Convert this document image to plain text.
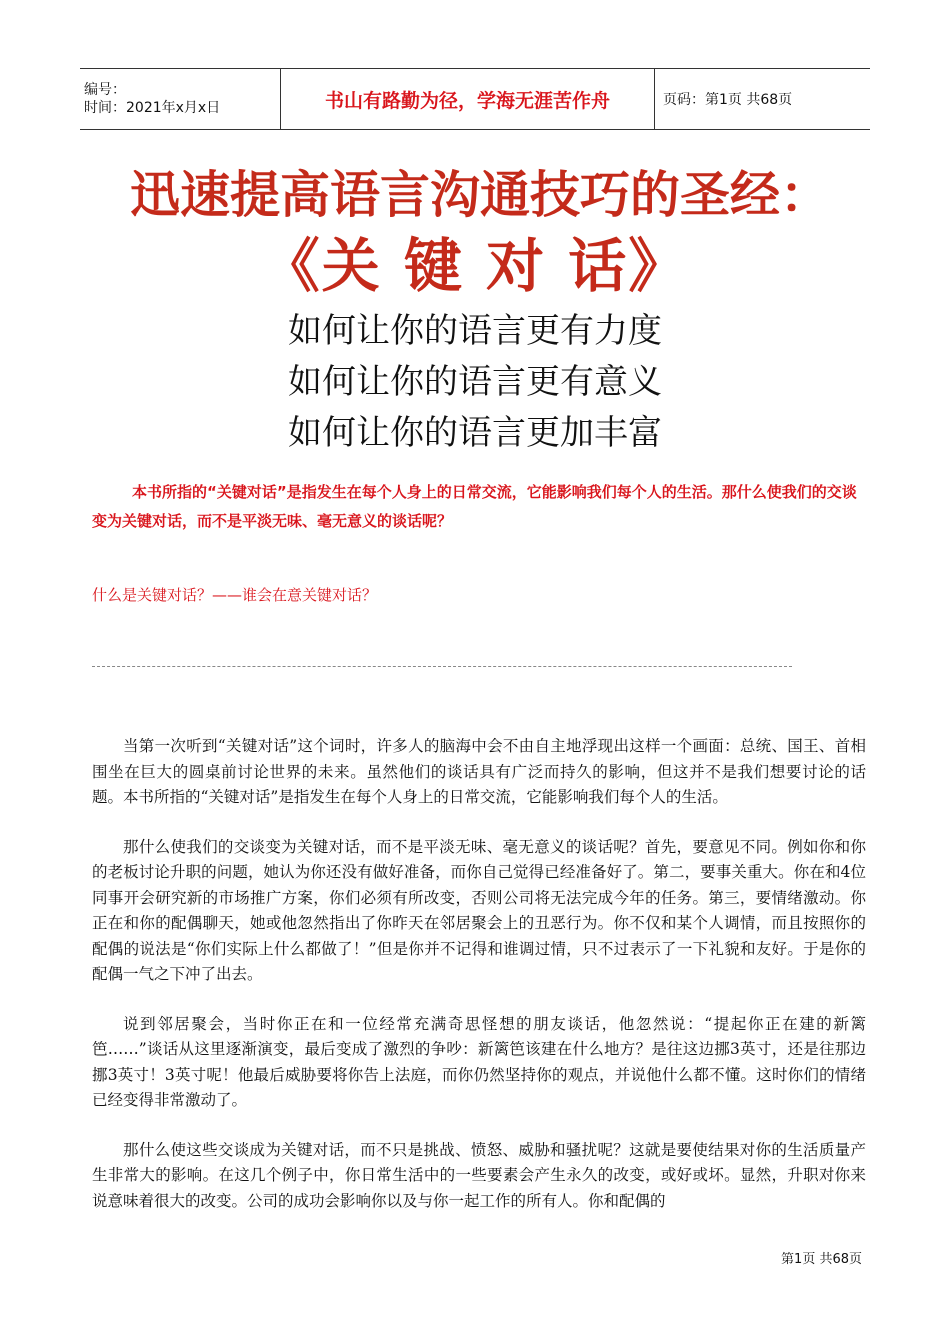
编号：
时间：2021年x月x日	书山有路勤为径，学海无涯苦作舟	页码：第1页 共68页
迅速提高语言沟通技巧的圣经：
《关 键 对 话》
如何让你的语言更有力度
如何让你的语言更有意义
如何让你的语言更加丰富
本书所指的“关键对话”是指发生在每个人身上的日常交流，它能影响我们每个人的生活。那什么使我们的交谈变为关键对话，而不是平淡无味、毫无意义的谈话呢？
什么是关键对话？——谁会在意关键对话？

当第一次听到“关键对话”这个词时，许多人的脑海中会不由自主地浮现出这样一个画面：总统、国王、首相围坐在巨大的圆桌前讨论世界的未来。虽然他们的谈话具有广泛而持久的影响，但这并不是我们想要讨论的话题。本书所指的“关键对话”是指发生在每个人身上的日常交流，它能影响我们每个人的生活。

那什么使我们的交谈变为关键对话，而不是平淡无味、毫无意义的谈话呢？首先，要意见不同。例如你和你的老板讨论升职的问题，她认为你还没有做好准备，而你自己觉得已经准备好了。第二，要事关重大。你在和4位同事开会研究新的市场推广方案，你们必须有所改变，否则公司将无法完成今年的任务。第三，要情绪激动。你正在和你的配偶聊天，她或他忽然指出了你昨天在邻居聚会上的丑恶行为。你不仅和某个人调情，而且按照你的配偶的说法是“你们实际上什么都做了！”但是你并不记得和谁调过情，只不过表示了一下礼貌和友好。于是你的配偶一气之下冲了出去。

说到邻居聚会，当时你正在和一位经常充满奇思怪想的朋友谈话，他忽然说：“提起你正在建的新篱笆……”谈话从这里逐渐演变，最后变成了激烈的争吵：新篱笆该建在什么地方？是往这边挪3英寸，还是往那边挪3英寸！3英寸呢！他最后威胁要将你告上法庭，而你仍然坚持你的观点，并说他什么都不懂。这时你们的情绪已经变得非常激动了。

那什么使这些交谈成为关键对话，而不只是挑战、愤怒、威胁和骚扰呢？这就是要使结果对你的生活质量产生非常大的影响。在这几个例子中，你日常生活中的一些要素会产生永久的改变，或好或坏。显然，升职对你来说意味着很大的改变。公司的成功会影响你以及与你一起工作的所有人。你和配偶的

第1页 共68页
